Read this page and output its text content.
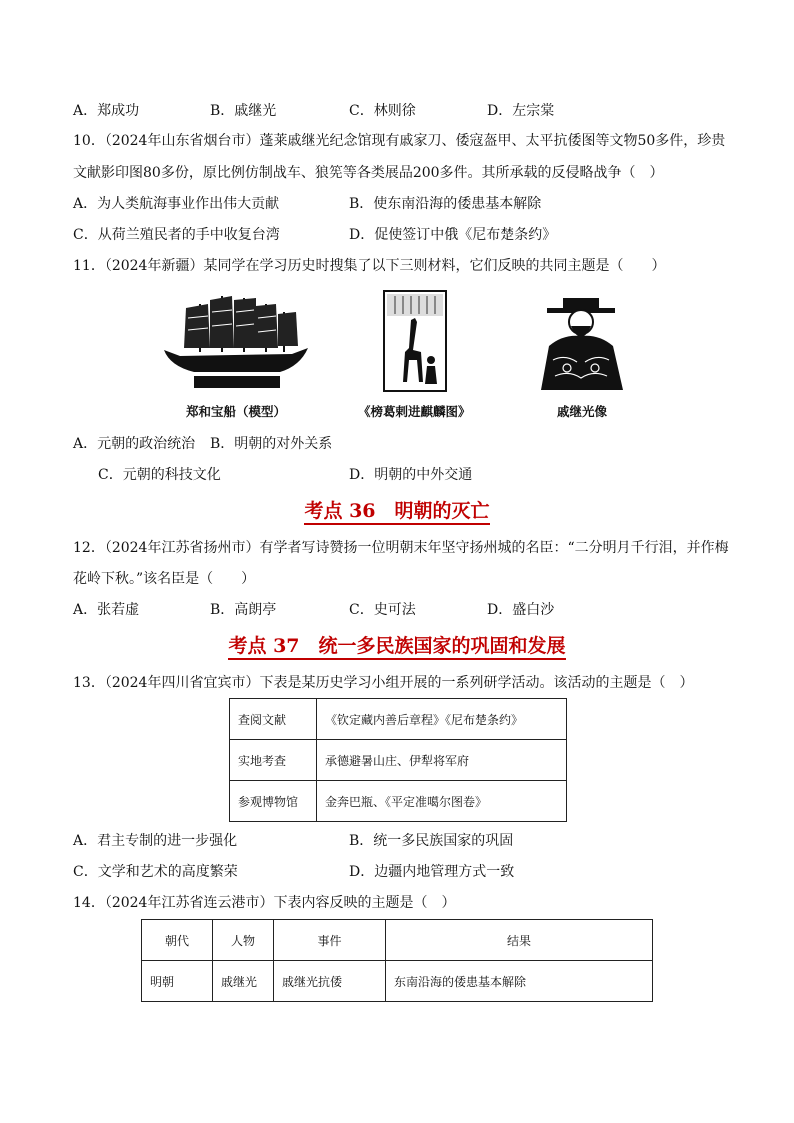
A．郑成功	B．戚继光	C．林则徐	D．左宗棠
10．（2024年山东省烟台市）蓬莱戚继光纪念馆现有戚家刀、倭寇盔甲、太平抗倭图等文物50多件，珍贵
文献影印图80多份，原比例仿制战车、狼筅等各类展品200多件。其所承载的反侵略战争（　）
A．为人类航海事业作出伟大贡献	B．使东南沿海的倭患基本解除
C．从荷兰殖民者的手中收复台湾	D．促使签订中俄《尼布楚条约》
11．（2024年新疆）某同学在学习历史时搜集了以下三则材料，它们反映的共同主题是（　　）
郑和宝船（模型）	《榜葛剌进麒麟图》	戚继光像
A．元朝的政治统治 B．明朝的对外关系
C．元朝的科技文化	D．明朝的中外交通
考点 36　明朝的灭亡
12．（2024年江苏省扬州市）有学者写诗赞扬一位明朝末年坚守扬州城的名臣：“二分明月千行泪，并作梅
花岭下秋。”该名臣是（　　）
A．张若虚	B．高朗亭	C．史可法	D．盛白沙
考点 37　统一多民族国家的巩固和发展
13．（2024年四川省宜宾市）下表是某历史学习小组开展的一系列研学活动。该活动的主题是（　）
查阅文献	《钦定藏内善后章程》《尼布楚条约》
实地考查	承德避暑山庄、伊犁将军府
参观博物馆	金奔巴瓶、《平定准噶尔图卷》
A．君主专制的进一步强化	B．统一多民族国家的巩固
C．文学和艺术的高度繁荣	D．边疆内地管理方式一致
14．（2024年江苏省连云港市）下表内容反映的主题是（　）
朝代	人物	事件	结果
明朝	戚继光	戚继光抗倭	东南沿海的倭患基本解除
